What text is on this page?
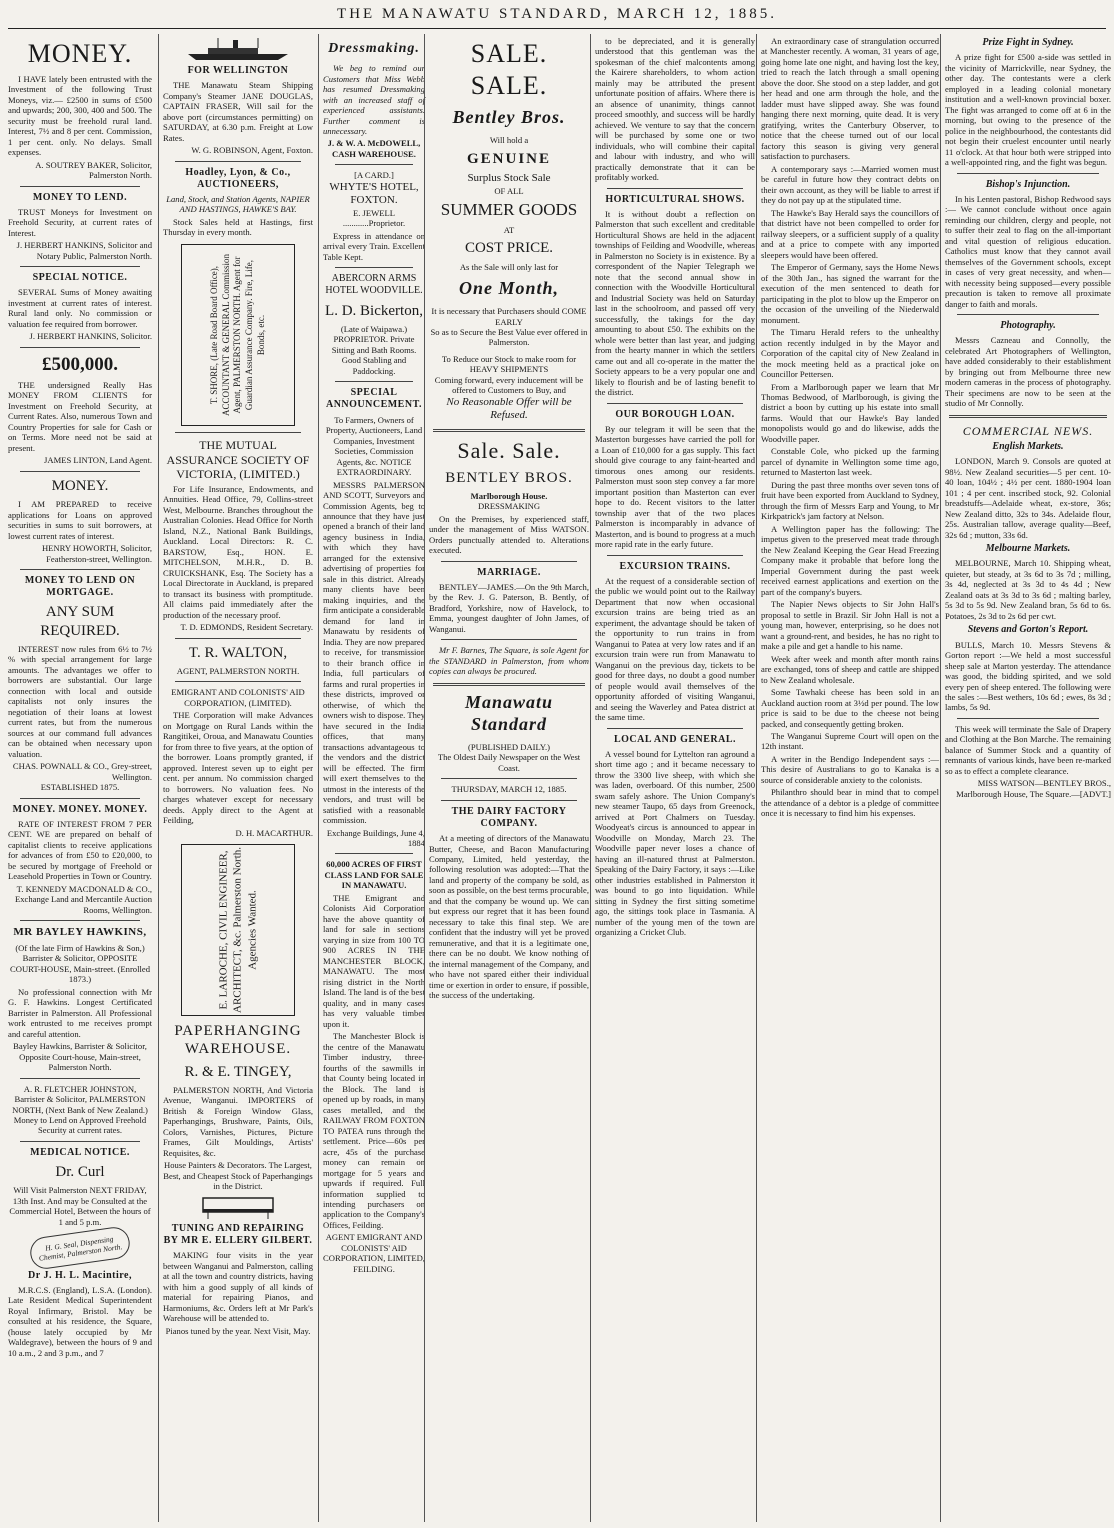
THE MANAWATU STANDARD, MARCH 12, 1885.
MONEY.
I HAVE lately been entrusted with the Investment of the following Trust Moneys, viz.— £2500 in sums of £500 and upwards; 200, 300, 400 and 500. The security must be freehold rural land. Interest, 7½ and 8 per cent. Commission, 1 per cent. only. No delays. Small expenses.
A. SOUTREY BAKER, Solicitor, Palmerston North.
MONEY TO LEND.
TRUST Moneys for Investment on Freehold Security, at current rates of Interest.
J. HERBERT HANKINS, Solicitor and Notary Public, Palmerston North.
SPECIAL NOTICE.
SEVERAL Sums of Money awaiting investment at current rates of interest. Rural land only. No commission or valuation fee required from borrower.
J. HERBERT HANKINS, Solicitor.
£500,000.
THE undersigned Really Has MONEY FROM CLIENTS for Investment on Freehold Security, at Current Rates. Also, numerous Town and Country Properties for sale for Cash or on Terms. More need not be said at present.
JAMES LINTON, Land Agent.
MONEY.
I AM PREPARED to receive applications for Loans on approved securities in sums to suit borrowers, at lowest current rates of interest.
HENRY HOWORTH, Solicitor, Featherston-street, Wellington.
MONEY TO LEND ON MORTGAGE.
ANY SUM REQUIRED.
INTEREST now rules from 6½ to 7½ % with special arrangement for large amounts. The advantages we offer to borrowers are substantial. Our large connection with local and outside capitalists not only insures the negotiation of their loans at lowest current rates, but from the numerous sources at our command full advances can be obtained when necessary upon valuation.
CHAS. POWNALL & CO., Grey-street, Wellington.
ESTABLISHED 1875.
MONEY. MONEY. MONEY.
RATE OF INTEREST FROM 7 PER CENT. WE are prepared on behalf of capitalist clients to receive applications for advances of from £50 to £20,000, to be secured by mortgage of Freehold or Leasehold Properties in Town or Country.
T. KENNEDY MACDONALD & CO., Exchange Land and Mercantile Auction Rooms, Wellington.
MR BAYLEY HAWKINS,
(Of the late Firm of Hawkins & Son,) Barrister & Solicitor, OPPOSITE COURT-HOUSE, Main-street. (Enrolled 1873.)
No professional connection with Mr G. F. Hawkins. Longest Certificated Barrister in Palmerston. All Professional work entrusted to me receives prompt and careful attention.
Bayley Hawkins, Barrister & Solicitor, Opposite Court-house, Main-street, Palmerston North.
A. R. FLETCHER JOHNSTON, Barrister & Solicitor, PALMERSTON NORTH, (Next Bank of New Zealand.) Money to Lend on Approved Freehold Security at current rates.
MEDICAL NOTICE.
Dr. Curl
Will Visit Palmerston NEXT FRIDAY, 13th Inst. And may be Consulted at the Commercial Hotel, Between the hours of 1 and 5 p.m.
H. G. Seal, Dispensing Chemist, Palmerston North.
Dr J. H. L. Macintire,
M.R.C.S. (England), L.S.A. (London). Late Resident Medical Superintendent Royal Infirmary, Bristol. May be consulted at his residence, the Square, (house lately occupied by Mr Waldegrave), between the hours of 9 and 10 a.m., 2 and 3 p.m., and 7
FOR WELLINGTON
THE Manawatu Steam Shipping Company's Steamer JANE DOUGLAS, CAPTAIN FRASER, Will sail for the above port (circumstances permitting) on SATURDAY, at 6.30 p.m. Freight at Low Rates.
W. G. ROBINSON, Agent, Foxton.
Hoadley, Lyon, & Co., AUCTIONEERS,
Land, Stock, and Station Agents, NAPIER AND HASTINGS, HAWKE'S BAY.
Stock Sales held at Hastings, first Thursday in every month.
T. SHORE, (Late Road Board Office), ACCOUNTANT & GENERAL Commission Agent, PALMERSTON NORTH. Agent for Guardian Assurance Company. Fire, Life, Bonds, etc.
THE MUTUAL ASSURANCE SOCIETY OF VICTORIA, (LIMITED.)
For Life Insurance, Endowments, and Annuities. Head Office, 79, Collins-street West, Melbourne. Branches throughout the Australian Colonies. Head Office for North Island, N.Z., National Bank Buildings, Auckland. Local Directors: R. C. BARSTOW, Esq., HON. E. MITCHELSON, M.H.R., D. B. CRUICKSHANK, Esq. The Society has a Local Directorate in Auckland, is prepared to transact its business with promptitude. All claims paid immediately after the production of the necessary proof.
T. D. EDMONDS, Resident Secretary.
T. R. WALTON,
AGENT, PALMERSTON NORTH.
EMIGRANT AND COLONISTS' AID CORPORATION, (LIMITED).
THE Corporation will make Advances on Mortgage on Rural Lands within the Rangitikei, Oroua, and Manawatu Counties for from three to five years, at the option of the borrower. Loans promptly granted, if approved. Interest seven up to eight per cent. per annum. No commission charged to borrowers. No valuation fees. No charges whatever except for necessary deeds. Apply direct to the Agent at Feilding,
D. H. MACARTHUR.
E. LAROCHE, CIVIL ENGINEER, ARCHITECT, &c. Palmerston North. Agencies Wanted.
PAPERHANGING WAREHOUSE.
R. & E. TINGEY,
PALMERSTON NORTH, And Victoria Avenue, Wanganui. IMPORTERS of British & Foreign Window Glass, Paperhangings, Brushware, Paints, Oils, Colors, Varnishes, Pictures, Picture Frames, Gilt Mouldings, Artists' Requisites, &c.
House Painters & Decorators. The Largest, Best, and Cheapest Stock of Paperhangings in the District.
TUNING AND REPAIRING BY MR E. ELLERY GILBERT.
MAKING four visits in the year between Wanganui and Palmerston, calling at all the town and country districts, having with him a good supply of all kinds of material for repairing Pianos, and Harmoniums, &c. Orders left at Mr Park's Warehouse will be attended to.
Pianos tuned by the year. Next Visit, May.
Dressmaking.
We beg to remind our Customers that Miss Webb has resumed Dressmaking with an increased staff of experienced assistants. Further comment is unnecessary.
J. & W. A. McDOWELL, CASH WAREHOUSE.
[A CARD.]
WHYTE'S HOTEL, FOXTON.
E. JEWELL ............Proprietor.
Express in attendance on arrival every Train. Excellent Table Kept.
ABERCORN ARMS HOTEL WOODVILLE.
L. D. Bickerton,
(Late of Waipawa.) PROPRIETOR. Private Sitting and Bath Rooms. Good Stabling and Paddocking.
SPECIAL ANNOUNCEMENT.
To Farmers, Owners of Property, Auctioneers, Land Companies, Investment Societies, Commission Agents, &c. NOTICE EXTRAORDINARY.
MESSRS PALMERSON AND SCOTT, Surveyors and Commission Agents, beg to announce that they have just opened a branch of their land agency business in India, with which they have arranged for the extensive advertising of properties for sale in this district. Already many clients have been making inquiries, and the firm anticipate a considerable demand for land in Manawatu by residents of India. They are now prepared to receive, for transmission to their branch office in India, full particulars of farms and rural properties in these districts, improved or otherwise, of which the owners wish to dispose. They have secured in the India offices, that many transactions advantageous to the vendors and the district will be effected. The firm will exert themselves to the utmost in the interests of the vendors, and trust will be satisfied with a reasonable commission.
Exchange Buildings, June 4, 1884
60,000 ACRES OF FIRST CLASS LAND FOR SALE IN MANAWATU.
THE Emigrant and Colonists Aid Corporation have the above quantity of land for sale in sections varying in size from 100 TO 900 ACRES IN THE MANCHESTER BLOCK, MANAWATU. The most rising district in the North Island. The land is of the best quality, and in many cases has very valuable timber upon it.
The Manchester Block is the centre of the Manawatu Timber industry, three-fourths of the sawmills in that County being located in the Block. The land is opened up by roads, in many cases metalled, and the RAILWAY FROM FOXTON TO PATEA runs through the settlement. Price—60s per acre, 45s of the purchase money can remain on mortgage for 5 years and upwards if required. Full information supplied to intending purchasers on application to the Company's Offices, Feilding.
AGENT EMIGRANT AND COLONISTS' AID CORPORATION, LIMITED, FEILDING.
SALE. SALE.
Bentley Bros.
Will hold a
GENUINE
Surplus Stock Sale
OF ALL
SUMMER GOODS
AT
COST PRICE.
As the Sale will only last for
One Month,
It is necessary that Purchasers should COME EARLY
So as to Secure the Best Value ever offered in Palmerston.
To Reduce our Stock to make room for HEAVY SHIPMENTS
Coming forward, every inducement will be offered to Customers to Buy, and
No Reasonable Offer will be Refused.
Sale. Sale.
BENTLEY BROS.
Marlborough House.
DRESSMAKING
On the Premises, by experienced staff, under the management of Miss WATSON. Orders punctually attended to. Alterations executed.
MARRIAGE.
BENTLEY—JAMES.—On the 9th March, by the Rev. J. G. Paterson, B. Bently, of Bradford, Yorkshire, now of Havelock, to Emma, youngest daughter of John James, of Wanganui.
Mr F. Barnes, The Square, is sole Agent for the STANDARD in Palmerston, from whom copies can always be procured.
Manawatu Standard
(PUBLISHED DAILY.)
The Oldest Daily Newspaper on the West Coast.
THURSDAY, MARCH 12, 1885.
THE DAIRY FACTORY COMPANY.
At a meeting of directors of the Manawatu Butter, Cheese, and Bacon Manufacturing Company, Limited, held yesterday, the following resolution was adopted:—That the land and property of the company be sold, as soon as possible, on the best terms procurable, and that the company be wound up. We can but express our regret that it has been found necessary to take this final step. We are confident that the industry will yet be proved remunerative, and that it is a legitimate one, there can be no doubt. We know nothing of the internal management of the Company, and who have not spared either their individual time or exertion in order to ensure, if possible, the success of the undertaking.
to be depreciated, and it is generally understood that this gentleman was the spokesman of the chief malcontents among the Kairere shareholders, to whom action mainly may be attributed the present unfortunate position of affairs. Where there is an absence of unanimity, things cannot proceed smoothly, and success will be hardly achieved. We venture to say that the concern will be purchased by some one or two individuals, who will combine their capital and labour with industry, and who will practically demonstrate that it can be profitably worked.
HORTICULTURAL SHOWS.
It is without doubt a reflection on Palmerston that such excellent and creditable Horticultural Shows are held in the adjacent townships of Feilding and Woodville, whereas in Palmerston no Society is in existence. By a correspondent of the Napier Telegraph we note that the second annual show in connection with the Woodville Horticultural and Industrial Society was held on Saturday last in the schoolroom, and passed off very successfully, the takings for the day amounting to about £50. The exhibits on the whole were better than last year, and judging from the hearty manner in which the settlers came out and all co-operate in the matter the Society appears to be a very popular one and likely to flourish and be of lasting benefit to the district.
OUR BOROUGH LOAN.
By our telegram it will be seen that the Masterton burgesses have carried the poll for a Loan of £10,000 for a gas supply. This fact should give courage to any faint-hearted and timorous ones among our residents. Palmerston must soon step convey a far more important position than Masterton can ever hope to do. Recent visitors to the latter township aver that of the two places Palmerston is incomparably in advance of Masterton, and is bound to progress at a much more rapid rate in the early future.
EXCURSION TRAINS.
At the request of a considerable section of the public we would point out to the Railway Department that now when occasional excursion trains are being tried as an experiment, the advantage should be taken of the opportunity to run trains in from Wanganui to Patea at very low rates and if an excursion train were run from Manawatu to Wanganui on the previous day, tickets to be good for three days, no doubt a good number of people would avail themselves of the opportunity afforded of visiting Wanganui, and seeing the Waverley and Patea district at the same time.
LOCAL AND GENERAL.
A vessel bound for Lyttelton ran aground a short time ago ; and it became necessary to throw the 3300 live sheep, with which she was laden, overboard. Of this number, 2500 swam safely ashore. The Union Company's new steamer Taupo, 65 days from Greenock, arrived at Port Chalmers on Tuesday. Woodyeat's circus is announced to appear in Woodville on Monday, March 23. The Woodville paper never loses a chance of having an ill-natured thrust at Palmerston. Speaking of the Dairy Factory, it says :—Like other industries established in Palmerston it was bound to go into liquidation. While sitting in Sydney the first sitting sometime ago, the sittings took place in Tasmania. A number of the young men of the town are organizing a Cricket Club.
An extraordinary case of strangulation occurred at Manchester recently. A woman, 31 years of age, going home late one night, and having lost the key, tried to reach the latch through a small opening above the door. She stood on a step ladder, and got her head and one arm through the hole, and the ladder must have slipped away. She was found hanging there next morning, quite dead. It is very gratifying, writes the Canterbury Observer, to notice that the cheese turned out of our local factory this season is giving very general satisfaction to purchasers.
A contemporary says :—Married women must be careful in future how they contract debts on their own account, as they will be liable to arrest if they do not pay up at the stipulated time.
The Hawke's Bay Herald says the councillors of that district have not been compelled to order for railway sleepers, or a sufficient supply of a quality and at a price to compete with any imported sleepers would have been offered.
The Emperor of Germany, says the Home News of the 30th Jan., has signed the warrant for the execution of the men sentenced to death for participating in the plot to blow up the Emperor on the occasion of the unveiling of the Niederwald monument.
The Timaru Herald refers to the unhealthy action recently indulged in by the Mayor and Corporation of the capital city of New Zealand in the mock meeting held as a practical joke on Councillor Pettersen.
From a Marlborough paper we learn that Mr Thomas Bedwood, of Marlborough, is giving the district a boon by cutting up his estate into small farms. Would that our Hawke's Bay landed monopolists would go and do likewise, adds the Woodville paper.
Constable Cole, who picked up the farming parcel of dynamite in Wellington some time ago, returned to Masterton last week.
During the past three months over seven tons of fruit have been exported from Auckland to Sydney, through the firm of Messrs Earp and Young, to Mr Kirkpatrick's jam factory at Nelson.
A Wellington paper has the following: The impetus given to the preserved meat trade through the New Zealand Keeping the Gear Head Freezing Company make it probable that before long the Imperial Government during the past week received earnest applications and exertion on the part of the company's buyers.
The Napier News objects to Sir John Hall's proposal to settle in Brazil. Sir John Hall is not a young man, however, enterprising, so he does not want a ground-rent, and besides, he has no right to make a pile and get a handle to his name.
Week after week and month after month rains are exchanged, tons of sheep and cattle are shipped to New Zealand wholesale.
Some Tawhaki cheese has been sold in an Auckland auction room at 3½d per pound. The low price is said to be due to the cheese not being packed, and consequently getting broken.
The Wanganui Supreme Court will open on the 12th instant.
A writer in the Bendigo Independent says :—This desire of Australians to go to Kanaka is a source of considerable anxiety to the colonists.
Philanthro should bear in mind that to compel the attendance of a debtor is a pledge of committee once it is necessary to find him his expenses.
Prize Fight in Sydney.
A prize fight for £500 a-side was settled in the vicinity of Marrickville, near Sydney, the other day. The contestants were a clerk employed in a leading colonial monetary institution and a well-known provincial boxer. The fight was arranged to come off at 6 in the morning, but owing to the presence of the police in the neighbourhood, the contestants did not begin their cruelest encounter until nearly 11 o'clock. At that hour both were stripped into a well-appointed ring, and the fight was begun.
Bishop's Injunction.
In his Lenten pastoral, Bishop Redwood says :— We cannot conclude without once again reminding our children, clergy and people, not to suffer their zeal to flag on the all-important and vital question of religious education. Catholics must know that they cannot avail themselves of the Government schools, except in cases of very great necessity, and when—with necessity being supposed—every possible precaution is taken to remove all proximate danger to faith and morals.
Photography.
Messrs Cazneau and Connolly, the celebrated Art Photographers of Wellington, have added considerably to their establishment by bringing out from Melbourne three new modern cameras in the process of photography. Their specimens are now to be seen at the studio of Mr Connolly.
COMMERCIAL NEWS.
English Markets.
LONDON, March 9. Consols are quoted at 98½. New Zealand securities—5 per cent. 10-40 loan, 104½ ; 4½ per cent. 1880-1904 loan 101 ; 4 per cent. inscribed stock, 92. Colonial breadstuffs—Adelaide wheat, ex-store, 36s; New Zealand ditto, 32s to 34s. Adelaide flour, 25s. Australian tallow, average quality—Beef, 32s 6d ; mutton, 33s 6d.
Melbourne Markets.
MELBOURNE, March 10. Shipping wheat, quieter, but steady, at 3s 6d to 3s 7d ; milling, 3s 4d, neglected at 3s 3d to 4s 4d ; New Zealand oats at 3s 3d to 3s 6d ; malting barley, 5s 3d to 5s 9d. New Zealand bran, 5s 6d to 6s. Potatoes, 2s 3d to 2s 6d per cwt.
Stevens and Gorton's Report.
BULLS, March 10. Messrs Stevens & Gorton report :—We held a most successful sheep sale at Marton yesterday. The attendance was good, the bidding spirited, and we sold every pen of sheep entered. The following were the sales :—Best wethers, 10s 6d ; ewes, 8s 3d ; lambs, 5s 9d.
This week will terminate the Sale of Drapery and Clothing at the Bon Marche. The remaining balance of Summer Stock and a quantity of remnants of various kinds, have been re-marked so as to effect a complete clearance.
MISS WATSON—BENTLEY BROS., Marlborough House, The Square.—[ADVT.]
